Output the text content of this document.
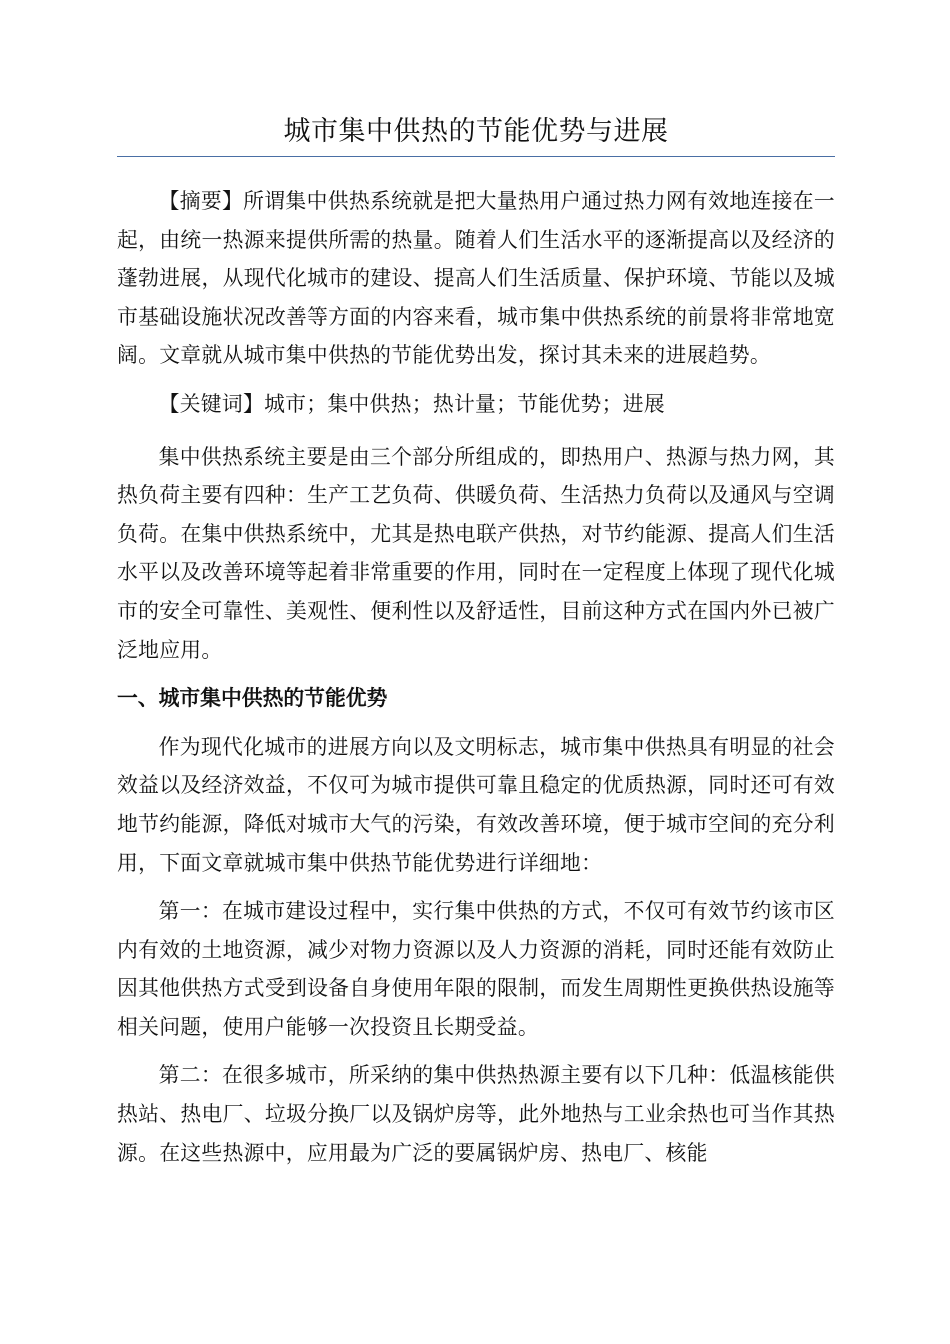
城市集中供热的节能优势与进展

【摘要】所谓集中供热系统就是把大量热用户通过热力网有效地连接在一起，由统一热源来提供所需的热量。随着人们生活水平的逐渐提高以及经济的蓬勃进展，从现代化城市的建设、提高人们生活质量、保护环境、节能以及城市基础设施状况改善等方面的内容来看，城市集中供热系统的前景将非常地宽阔。文章就从城市集中供热的节能优势出发，探讨其未来的进展趋势。

【关键词】城市；集中供热；热计量；节能优势；进展

集中供热系统主要是由三个部分所组成的，即热用户、热源与热力网，其热负荷主要有四种：生产工艺负荷、供暖负荷、生活热力负荷以及通风与空调负荷。在集中供热系统中，尤其是热电联产供热，对节约能源、提高人们生活水平以及改善环境等起着非常重要的作用，同时在一定程度上体现了现代化城市的安全可靠性、美观性、便利性以及舒适性，目前这种方式在国内外已被广泛地应用。

一、城市集中供热的节能优势

作为现代化城市的进展方向以及文明标志，城市集中供热具有明显的社会效益以及经济效益，不仅可为城市提供可靠且稳定的优质热源，同时还可有效地节约能源，降低对城市大气的污染，有效改善环境，便于城市空间的充分利用，下面文章就城市集中供热节能优势进行详细地：

第一：在城市建设过程中，实行集中供热的方式，不仅可有效节约该市区内有效的土地资源，减少对物力资源以及人力资源的消耗，同时还能有效防止因其他供热方式受到设备自身使用年限的限制，而发生周期性更换供热设施等相关问题，使用户能够一次投资且长期受益。

第二：在很多城市，所采纳的集中供热热源主要有以下几种：低温核能供热站、热电厂、垃圾分换厂以及锅炉房等，此外地热与工业余热也可当作其热源。在这些热源中，应用最为广泛的要属锅炉房、热电厂、核能
